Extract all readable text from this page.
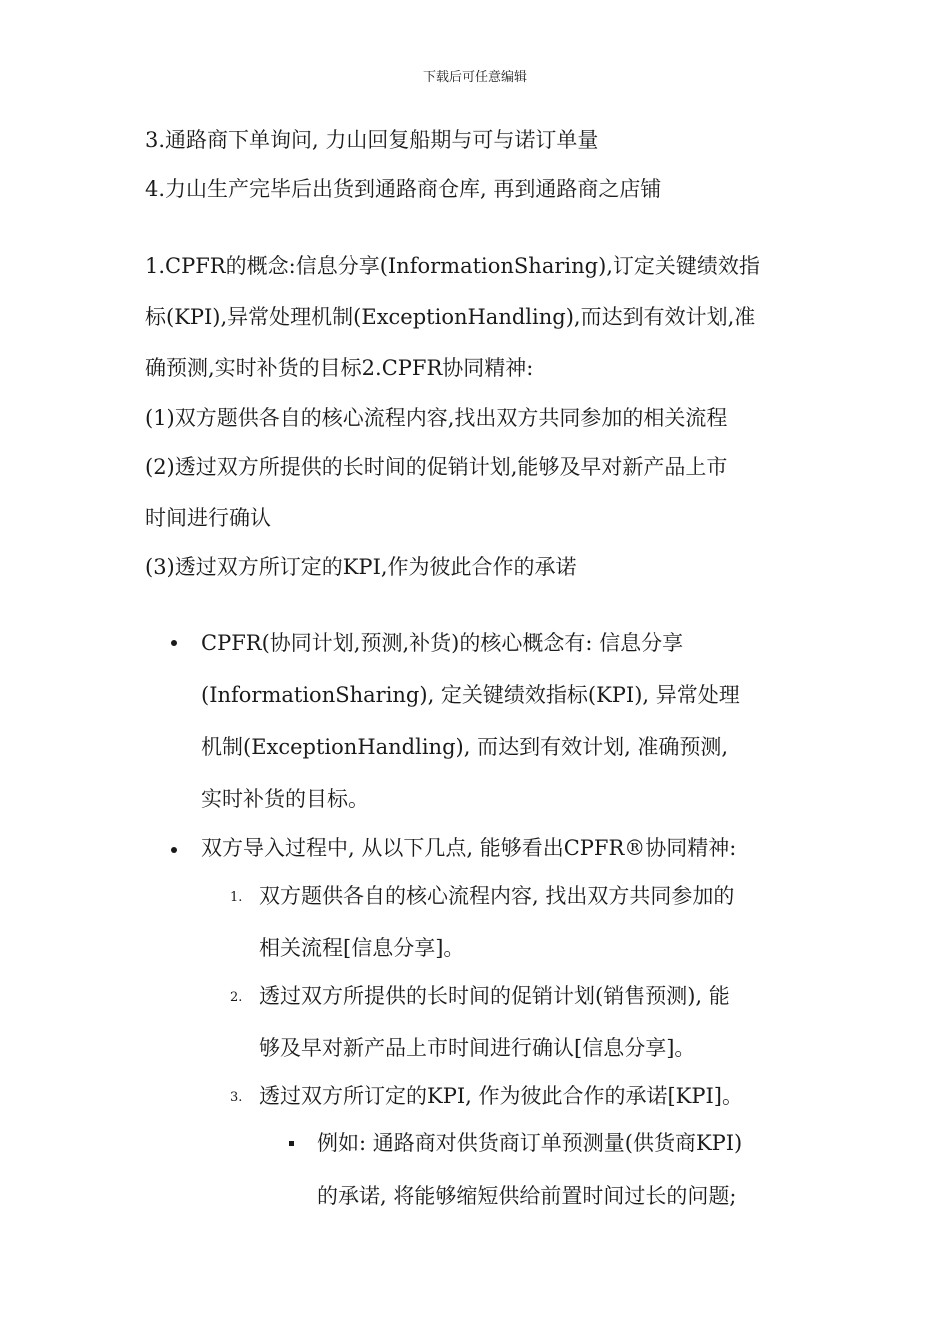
下载后可任意编辑
3.通路商下单询问, 力山回复船期与可与诺订单量
4.力山生产完毕后出货到通路商仓库, 再到通路商之店铺
1.CPFR的概念:信息分享(InformationSharing),订定关键绩效指
标(KPI),异常处理机制(ExceptionHandling),而达到有效计划,准
确预测,实时补货的目标2.CPFR协同精神:
(1)双方题供各自的核心流程内容,找出双方共同参加的相关流程
(2)透过双方所提供的长时间的促销计划,能够及早对新产品上市
时间进行确认
(3)透过双方所订定的KPI,作为彼此合作的承诺
CPFR(协同计划,预测,补货)的核心概念有: 信息分享
(InformationSharing), 定关键绩效指标(KPI), 异常处理
机制(ExceptionHandling), 而达到有效计划, 准确预测,
实时补货的目标。
双方导入过程中, 从以下几点, 能够看出CPFR®协同精神:
1. 双方题供各自的核心流程内容, 找出双方共同参加的
相关流程[信息分享]。
2. 透过双方所提供的长时间的促销计划(销售预测), 能
够及早对新产品上市时间进行确认[信息分享]。
3. 透过双方所订定的KPI, 作为彼此合作的承诺[KPI]。
例如: 通路商对供货商订单预测量(供货商KPI)
的承诺, 将能够缩短供给前置时间过长的问题;
